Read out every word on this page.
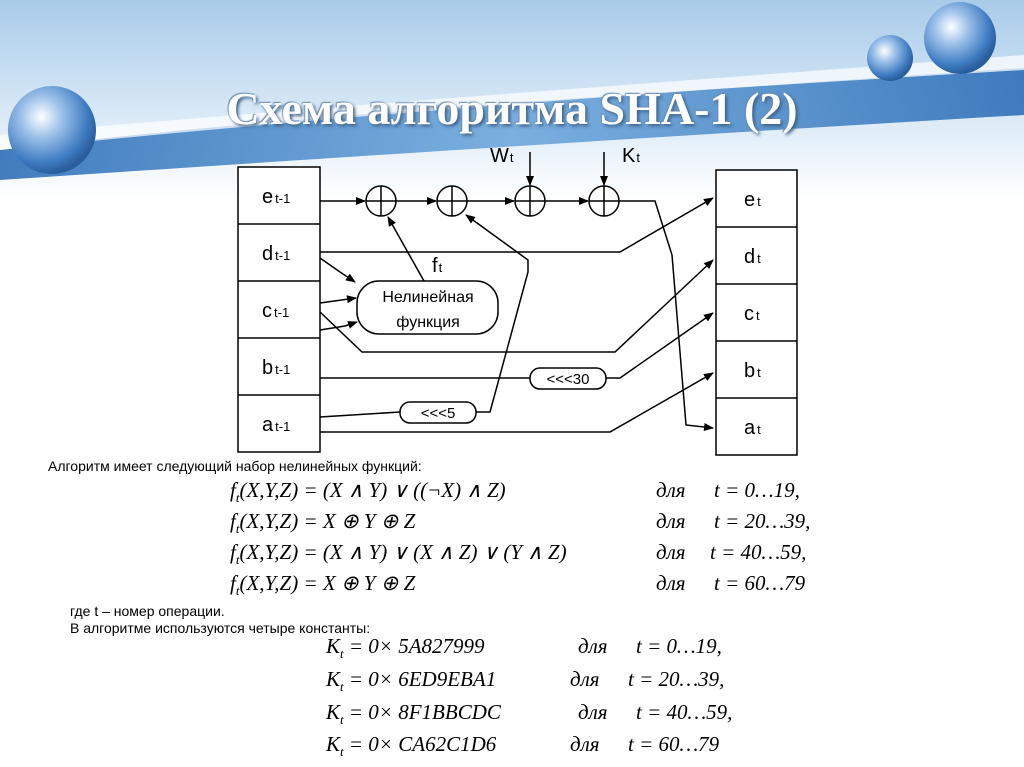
Схема алгоритма SHA-1 (2)
et-1
dt-1
ct-1
bt-1
at-1
et
dt
ct
bt
at
Нелинейная
функция
ft
<<<30
<<<5
Wt	Kt
Алгоритм имеет следующий набор нелинейных функций:
$f_t(X,Y,Z) = (X$ ∧ Y) ∨ ((¬X) ∧ Z)	для t = 0…19,
$f_t(X,Y,Z) = X$ ⊕ Y ⊕ Z	для t = 20…39,
$f_t(X,Y,Z) = (X$ ∧ Y) ∨ (X ∧ Z) ∨ (Y ∧ Z)	для t = 40…59,
$f_t(X,Y,Z) = X$ ⊕ Y ⊕ Z	для t = 60…79
где t – номер операции.
В алгоритме используются четыре константы:
$K_t = 0\times 5A827999$	для t = 0…19,
$K_t = 0\times 6ED9EBA1$	для t = 20…39,
$K_t = 0\times$ 8F1BBCDC	для t = 40…59,
$K_t = 0\times CA62C1D6$	для t = 60…79
